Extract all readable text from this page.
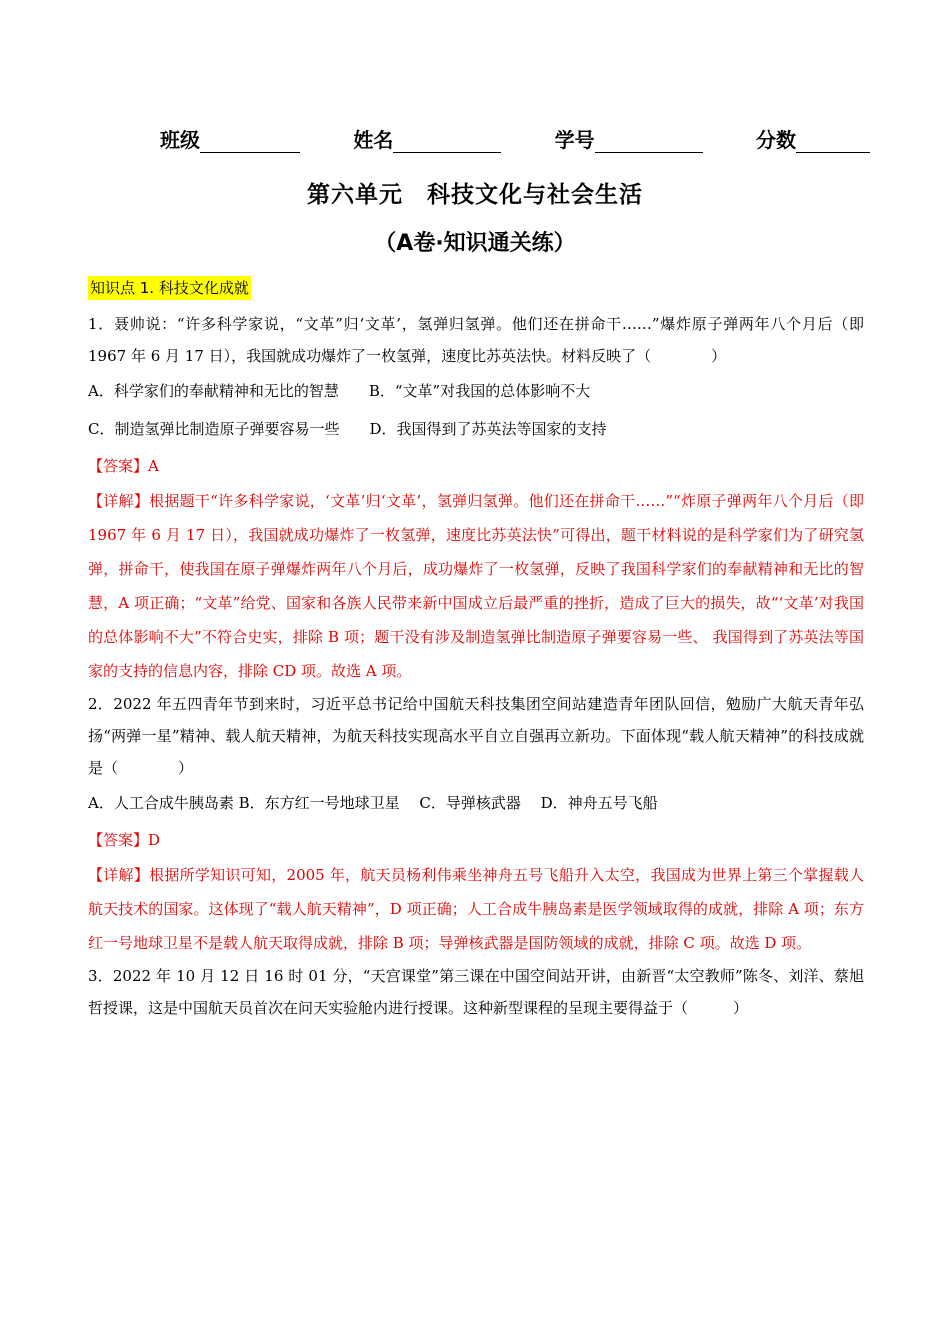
班级	姓名	学号	分数
第六单元　科技文化与社会生活
（A卷·知识通关练）
知识点 1. 科技文化成就

1．聂帅说：“许多科学家说，“文革”归‘文革’，氢弹归氢弹。他们还在拼命干……”爆炸原子弹两年八个月后（即 1967 年 6 月 17 日），我国就成功爆炸了一枚氢弹，速度比苏英法快。材料反映了（　　　　）

A．科学家们的奉献精神和无比的智慧　　B．“文革”对我国的总体影响不大

C．制造氢弹比制造原子弹要容易一些　　D．我国得到了苏英法等国家的支持

【答案】A

【详解】根据题干“许多科学家说，‘文革’归‘文革’，氢弹归氢弹。他们还在拼命干……”“炸原子弹两年八个月后（即 1967 年 6 月 17 日），我国就成功爆炸了一枚氢弹，速度比苏英法快”可得出，题干材料说的是科学家们为了研究氢弹，拼命干，使我国在原子弹爆炸两年八个月后，成功爆炸了一枚氢弹，反映了我国科学家们的奉献精神和无比的智慧，A 项正确；“文革”给党、国家和各族人民带来新中国成立后最严重的挫折，造成了巨大的损失，故“‘文革’对我国的总体影响不大”不符合史实，排除 B 项；题干没有涉及制造氢弹比制造原子弹要容易一些、 我国得到了苏英法等国家的支持的信息内容，排除 CD 项。故选 A 项。

2．2022 年五四青年节到来时，习近平总书记给中国航天科技集团空间站建造青年团队回信，勉励广大航天青年弘扬“两弹一星”精神、载人航天精神，为航天科技实现高水平自立自强再立新功。下面体现“载人航天精神”的科技成就是（　　　　）

A．人工合成牛胰岛素 B．东方红一号地球卫星　 C．导弹核武器　 D．神舟五号飞船

【答案】D

【详解】根据所学知识可知，2005 年，航天员杨利伟乘坐神舟五号飞船升入太空，我国成为世界上第三个掌握载人航天技术的国家。这体现了“载人航天精神”，D 项正确；人工合成牛胰岛素是医学领域取得的成就，排除 A 项；东方红一号地球卫星不是载人航天取得成就，排除 B 项；导弹核武器是国防领域的成就，排除 C 项。故选 D 项。

3．2022 年 10 月 12 日 16 时 01 分，“天宫课堂”第三课在中国空间站开讲，由新晋“太空教师”陈冬、刘洋、蔡旭哲授课，这是中国航天员首次在问天实验舱内进行授课。这种新型课程的呈现主要得益于（　　　）
